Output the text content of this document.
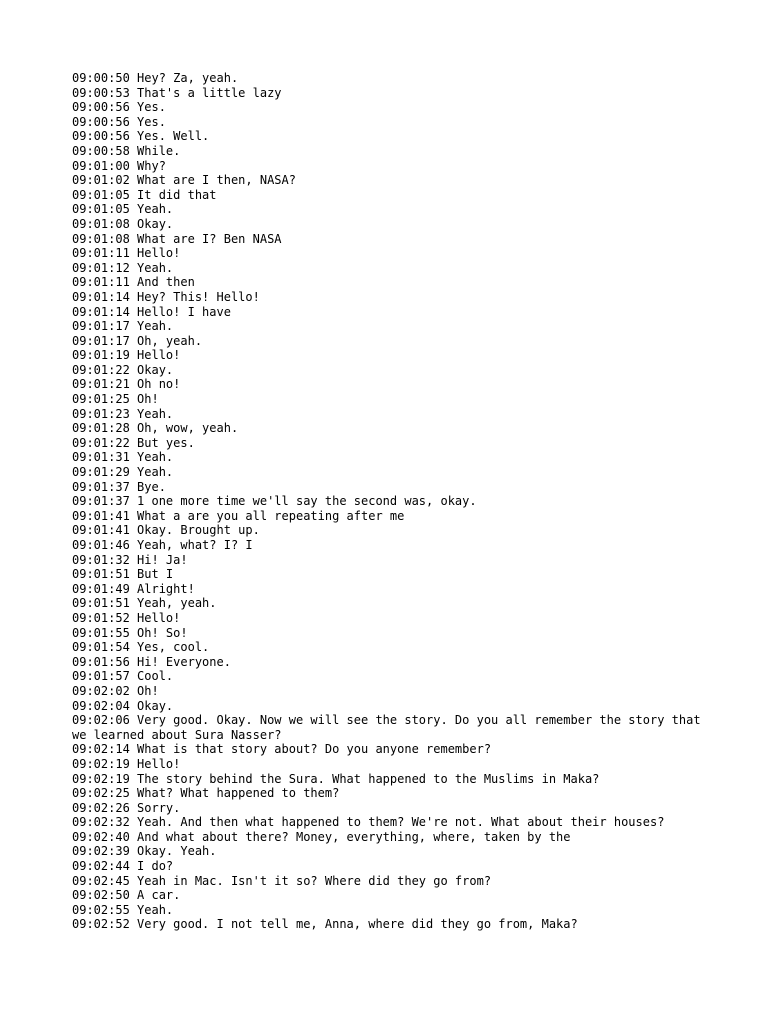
09:00:50 Hey? Za, yeah.
09:00:53 That's a little lazy
09:00:56 Yes.
09:00:56 Yes.
09:00:56 Yes. Well.
09:00:58 While.
09:01:00 Why?
09:01:02 What are I then, NASA?
09:01:05 It did that
09:01:05 Yeah.
09:01:08 Okay.
09:01:08 What are I? Ben NASA
09:01:11 Hello!
09:01:12 Yeah.
09:01:11 And then
09:01:14 Hey? This! Hello!
09:01:14 Hello! I have
09:01:17 Yeah.
09:01:17 Oh, yeah.
09:01:19 Hello!
09:01:22 Okay.
09:01:21 Oh no!
09:01:25 Oh!
09:01:23 Yeah.
09:01:28 Oh, wow, yeah.
09:01:22 But yes.
09:01:31 Yeah.
09:01:29 Yeah.
09:01:37 Bye.
09:01:37 1 one more time we'll say the second was, okay.
09:01:41 What a are you all repeating after me
09:01:41 Okay. Brought up.
09:01:46 Yeah, what? I? I
09:01:32 Hi! Ja!
09:01:51 But I
09:01:49 Alright!
09:01:51 Yeah, yeah.
09:01:52 Hello!
09:01:55 Oh! So!
09:01:54 Yes, cool.
09:01:56 Hi! Everyone.
09:01:57 Cool.
09:02:02 Oh!
09:02:04 Okay.
09:02:06 Very good. Okay. Now we will see the story. Do you all remember the story that we learned about Sura Nasser?
09:02:14 What is that story about? Do you anyone remember?
09:02:19 Hello!
09:02:19 The story behind the Sura. What happened to the Muslims in Maka?
09:02:25 What? What happened to them?
09:02:26 Sorry.
09:02:32 Yeah. And then what happened to them? We're not. What about their houses?
09:02:40 And what about there? Money, everything, where, taken by the
09:02:39 Okay. Yeah.
09:02:44 I do?
09:02:45 Yeah in Mac. Isn't it so? Where did they go from?
09:02:50 A car.
09:02:55 Yeah.
09:02:52 Very good. I not tell me, Anna, where did they go from, Maka?
